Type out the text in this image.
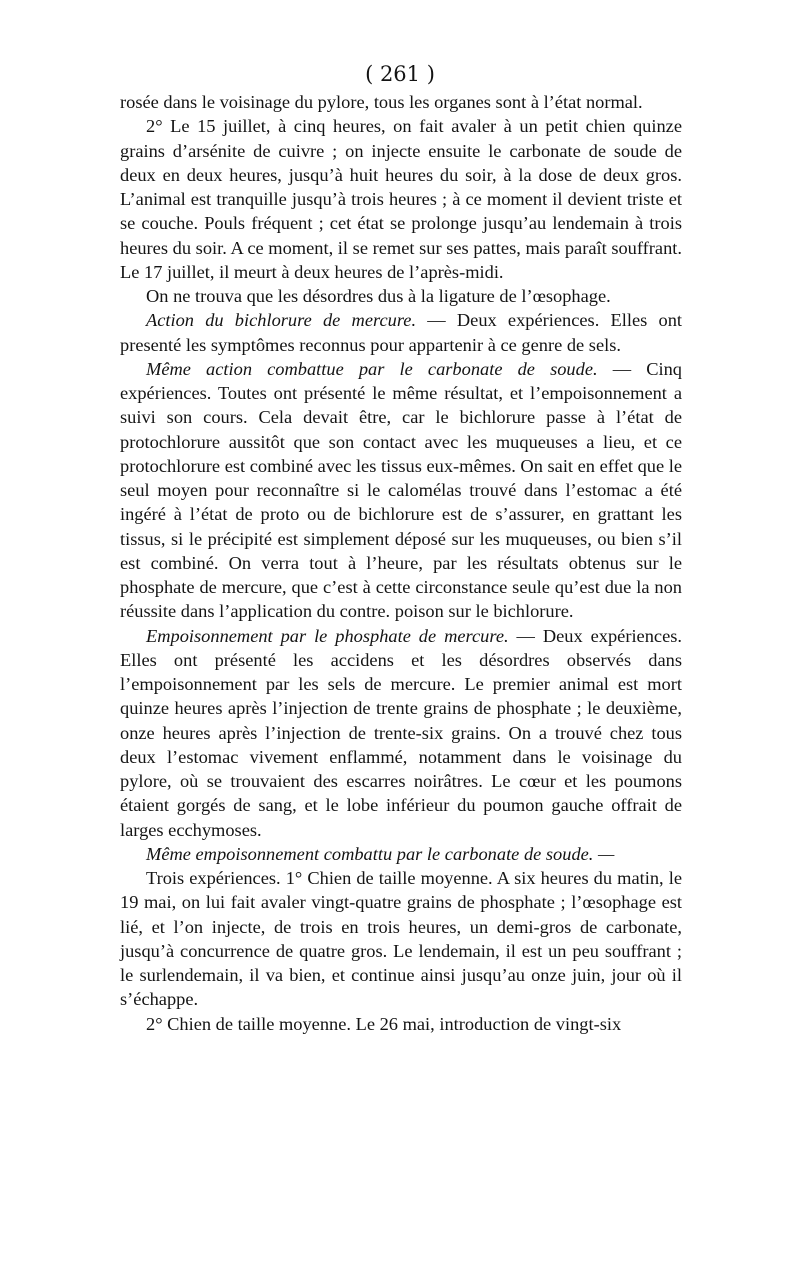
( 261 )

rosée dans le voisinage du pylore, tous les organes sont à l’état normal.

2° Le 15 juillet, à cinq heures, on fait avaler à un petit chien quinze grains d’arsénite de cuivre ; on injecte ensuite le carbonate de soude de deux en deux heures, jusqu’à huit heures du soir, à la dose de deux gros. L’animal est tranquille jusqu’à trois heures ; à ce moment il devient triste et se couche. Pouls fréquent ; cet état se prolonge jusqu’au lendemain à trois heures du soir. A ce moment, il se remet sur ses pattes, mais paraît souffrant. Le 17 juillet, il meurt à deux heures de l’après-midi.

On ne trouva que les désordres dus à la ligature de l’œsophage.

Action du bichlorure de mercure. — Deux expériences. Elles ont presenté les symptômes reconnus pour appartenir à ce genre de sels.

Même action combattue par le carbonate de soude. — Cinq expériences. Toutes ont présenté le même résultat, et l’empoisonnement a suivi son cours. Cela devait être, car le bichlorure passe à l’état de protochlorure aussitôt que son contact avec les muqueuses a lieu, et ce protochlorure est combiné avec les tissus eux-mêmes. On sait en effet que le seul moyen pour reconnaître si le calomélas trouvé dans l’estomac a été ingéré à l’état de proto ou de bichlorure est de s’assurer, en grattant les tissus, si le précipité est simplement déposé sur les muqueuses, ou bien s’il est combiné. On verra tout à l’heure, par les résultats obtenus sur le phosphate de mercure, que c’est à cette circonstance seule qu’est due la non réussite dans l’application du contre. poison sur le bichlorure.

Empoisonnement par le phosphate de mercure. — Deux expériences. Elles ont présenté les accidens et les désordres observés dans l’empoisonnement par les sels de mercure. Le premier animal est mort quinze heures après l’injection de trente grains de phosphate ; le deuxième, onze heures après l’injection de trente-six grains. On a trouvé chez tous deux l’estomac vivement enflammé, notamment dans le voisinage du pylore, où se trouvaient des escarres noirâtres. Le cœur et les poumons étaient gorgés de sang, et le lobe inférieur du poumon gauche offrait de larges ecchymoses.

Même empoisonnement combattu par le carbonate de soude. —

Trois expériences. 1° Chien de taille moyenne. A six heures du matin, le 19 mai, on lui fait avaler vingt-quatre grains de phosphate ; l’œsophage est lié, et l’on injecte, de trois en trois heures, un demi-gros de carbonate, jusqu’à concurrence de quatre gros. Le lendemain, il est un peu souffrant ; le surlendemain, il va bien, et continue ainsi jusqu’au onze juin, jour où il s’échappe.

2° Chien de taille moyenne. Le 26 mai, introduction de vingt-six
